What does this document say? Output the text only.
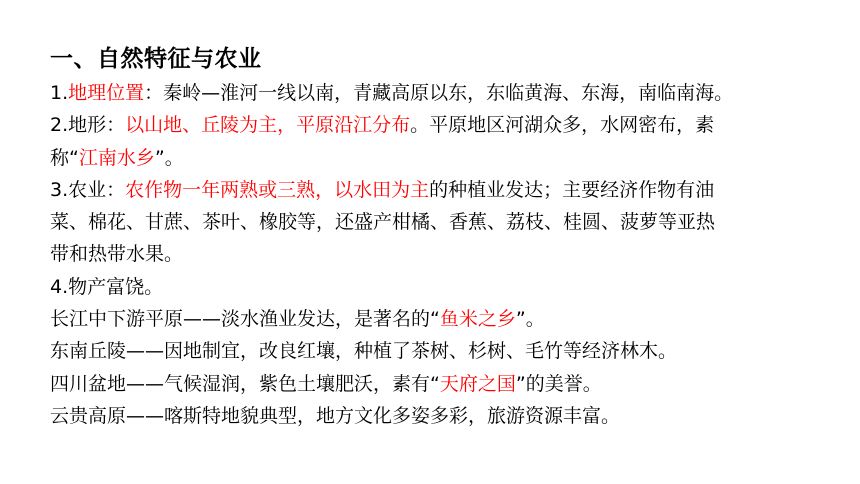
一、自然特征与农业
1.地理位置：秦岭—淮河一线以南，青藏高原以东，东临黄海、东海，南临南海。
2.地形：以山地、丘陵为主，平原沿江分布。平原地区河湖众多，水网密布，素
称“江南水乡”。
3.农业：农作物一年两熟或三熟，以水田为主的种植业发达；主要经济作物有油
菜、棉花、甘蔗、茶叶、橡胶等，还盛产柑橘、香蕉、荔枝、桂圆、菠萝等亚热
带和热带水果。
4.物产富饶。
长江中下游平原——淡水渔业发达，是著名的“鱼米之乡”。
东南丘陵——因地制宜，改良红壤，种植了茶树、杉树、毛竹等经济林木。
四川盆地——气候湿润，紫色土壤肥沃，素有“天府之国”的美誉。
云贵高原——喀斯特地貌典型，地方文化多姿多彩，旅游资源丰富。
